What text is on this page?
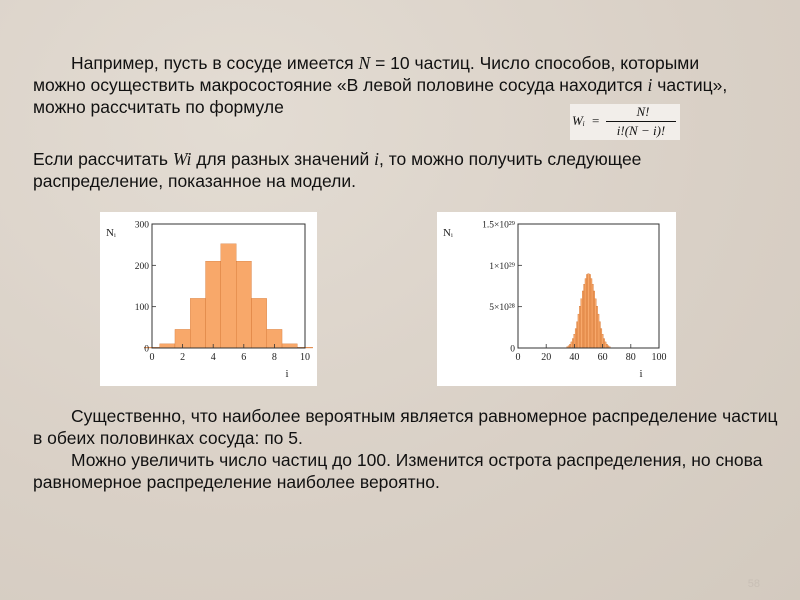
Например, пусть в сосуде имеется N = 10 частиц. Число способов, которыми можно осуществить макросостояние «В левой половине сосуда находится i частиц», можно рассчитать по формуле

Wᵢ =
N!
i!(N − i)!

Если рассчитать Wi для разных значений i, то можно получить следующее распределение, показанное на модели.

0	2	4	6	8 10
0
100
200
300
Nᵢ
i
0 20 40 60 80 100
0
5×10²⁸
1×10²⁹
1.5×10²⁹
Nᵢ
i

Существенно, что наиболее вероятным является равномерное распределение частиц в обеих половинках сосуда: по 5.
Можно увеличить число частиц до 100. Изменится острота распределения, но снова равномерное распределение наиболее вероятно.

58
